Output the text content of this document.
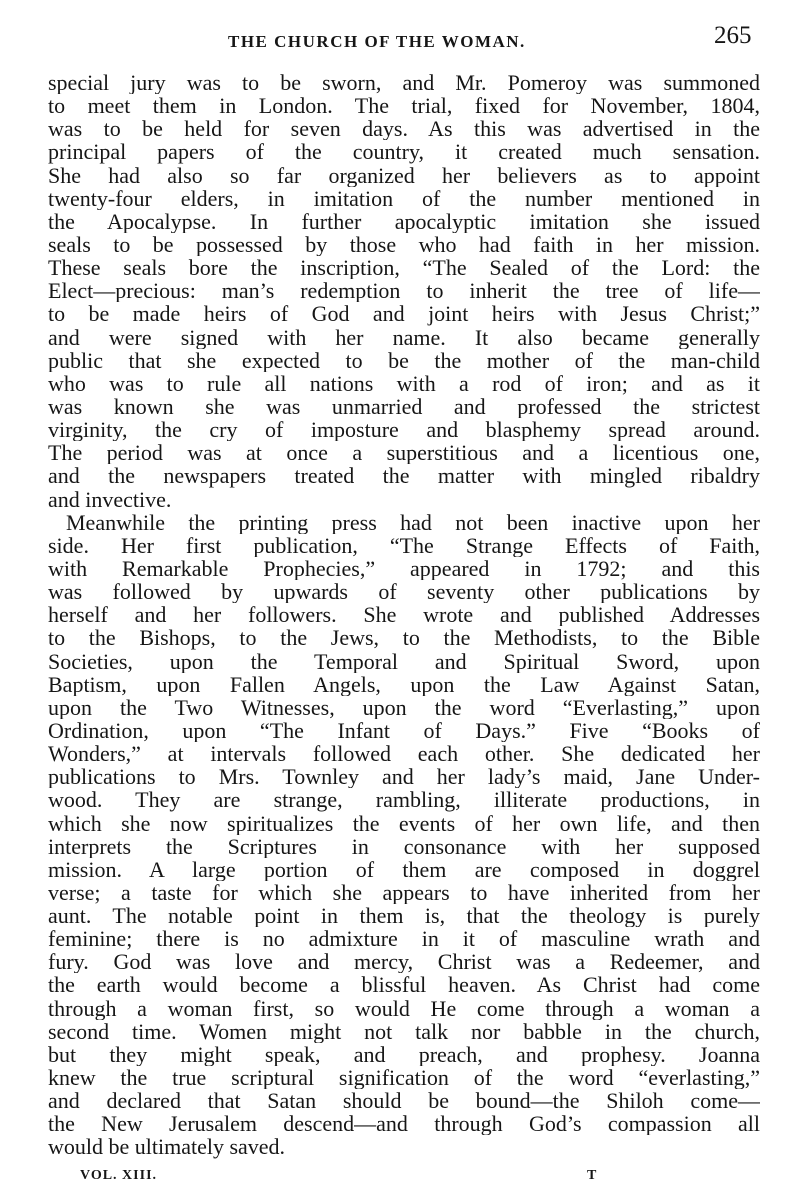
THE CHURCH OF THE WOMAN.	265
special jury was to be sworn, and Mr. Pomeroy was summoned
to meet them in London. The trial, fixed for November, 1804,
was to be held for seven days. As this was advertised in the
principal papers of the country, it created much sensation.
She had also so far organized her believers as to appoint
twenty-four elders, in imitation of the number mentioned in
the Apocalypse. In further apocalyptic imitation she issued
seals to be possessed by those who had faith in her mission.
These seals bore the inscription, “The Sealed of the Lord: the
Elect—precious: man’s redemption to inherit the tree of life—
to be made heirs of God and joint heirs with Jesus Christ;”
and were signed with her name. It also became generally
public that she expected to be the mother of the man-child
who was to rule all nations with a rod of iron; and as it
was known she was unmarried and professed the strictest
virginity, the cry of imposture and blasphemy spread around.
The period was at once a superstitious and a licentious one,
and the newspapers treated the matter with mingled ribaldry
and invective.
Meanwhile the printing press had not been inactive upon her
side. Her first publication, “The Strange Effects of Faith,
with Remarkable Prophecies,” appeared in 1792; and this
was followed by upwards of seventy other publications by
herself and her followers. She wrote and published Addresses
to the Bishops, to the Jews, to the Methodists, to the Bible
Societies, upon the Temporal and Spiritual Sword, upon
Baptism, upon Fallen Angels, upon the Law Against Satan,
upon the Two Witnesses, upon the word “Everlasting,” upon
Ordination, upon “The Infant of Days.” Five “Books of
Wonders,” at intervals followed each other. She dedicated her
publications to Mrs. Townley and her lady’s maid, Jane Under-
wood. They are strange, rambling, illiterate productions, in
which she now spiritualizes the events of her own life, and then
interprets the Scriptures in consonance with her supposed
mission. A large portion of them are composed in doggrel
verse; a taste for which she appears to have inherited from her
aunt. The notable point in them is, that the theology is purely
feminine; there is no admixture in it of masculine wrath and
fury. God was love and mercy, Christ was a Redeemer, and
the earth would become a blissful heaven. As Christ had come
through a woman first, so would He come through a woman a
second time. Women might not talk nor babble in the church,
but they might speak, and preach, and prophesy. Joanna
knew the true scriptural signification of the word “everlasting,”
and declared that Satan should be bound—the Shiloh come—
the New Jerusalem descend—and through God’s compassion all
would be ultimately saved.
VOL. XIII.	T
